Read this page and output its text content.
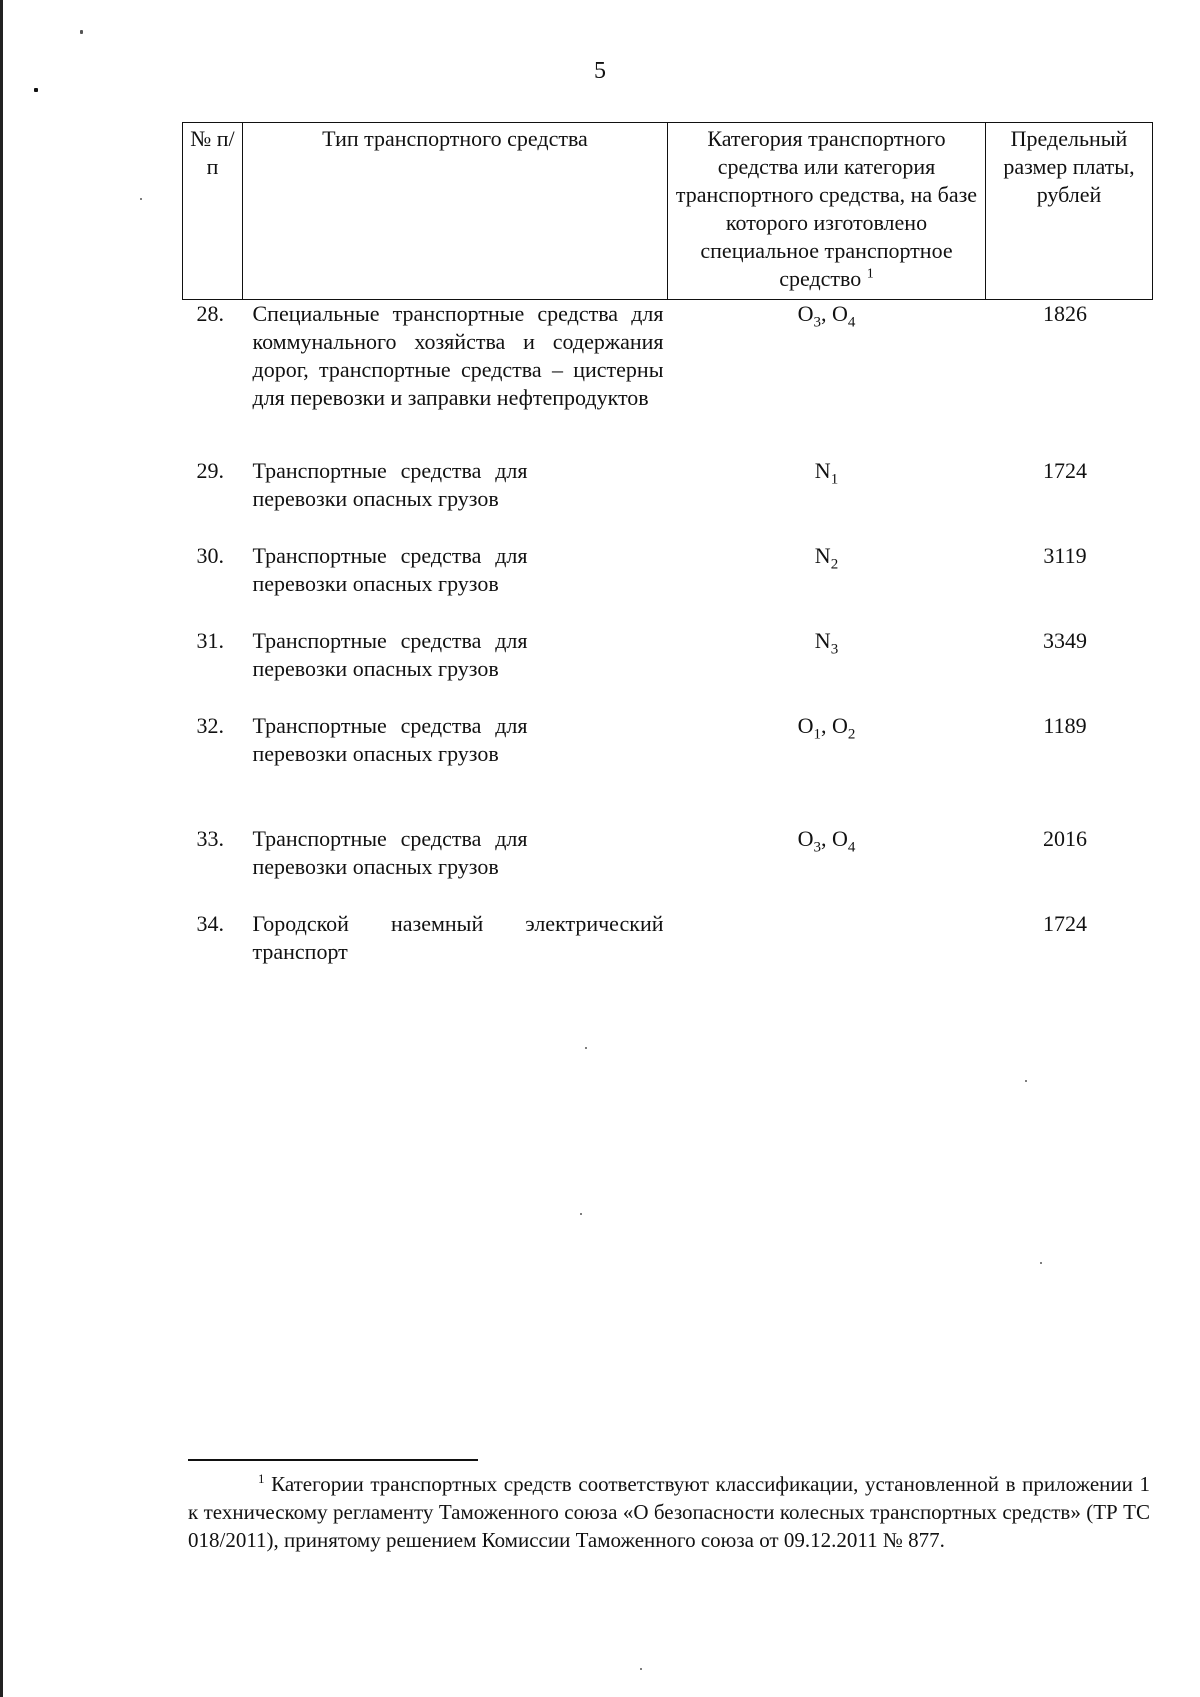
5
№ п/п	Тип транспортного средства	Категория транспортного средства или категория транспортного средства, на базе которого изготовлено специальное транспортное средство $^1$	Предельный размер платы, рублей
28.	Специальные транспортные средства для коммунального хозяйства и содержания дорог, транспортные средства – цистерны для перевозки и заправки нефтепродуктов	$O_3$, $O_4$	1826
29.	Транспортные средства для перевозки опасных грузов	$N_1$	1724
30.	Транспортные средства для перевозки опасных грузов	$N_2$	3119
31.	Транспортные средства для перевозки опасных грузов	$N_3$	3349
32.	Транспортные средства для перевозки опасных грузов	$O_1$, $O_2$	1189
33.	Транспортные средства для перевозки опасных грузов	$O_3$, $O_4$	2016
34.	Городской наземный электрический транспорт		1724
$^1$ Категории транспортных средств соответствуют классификации, установленной в приложении 1 к техническому регламенту Таможенного союза «О безопасности колесных транспортных средств» (ТР ТС 018/2011), принятому решением Комиссии Таможенного союза от 09.12.2011 № 877.
